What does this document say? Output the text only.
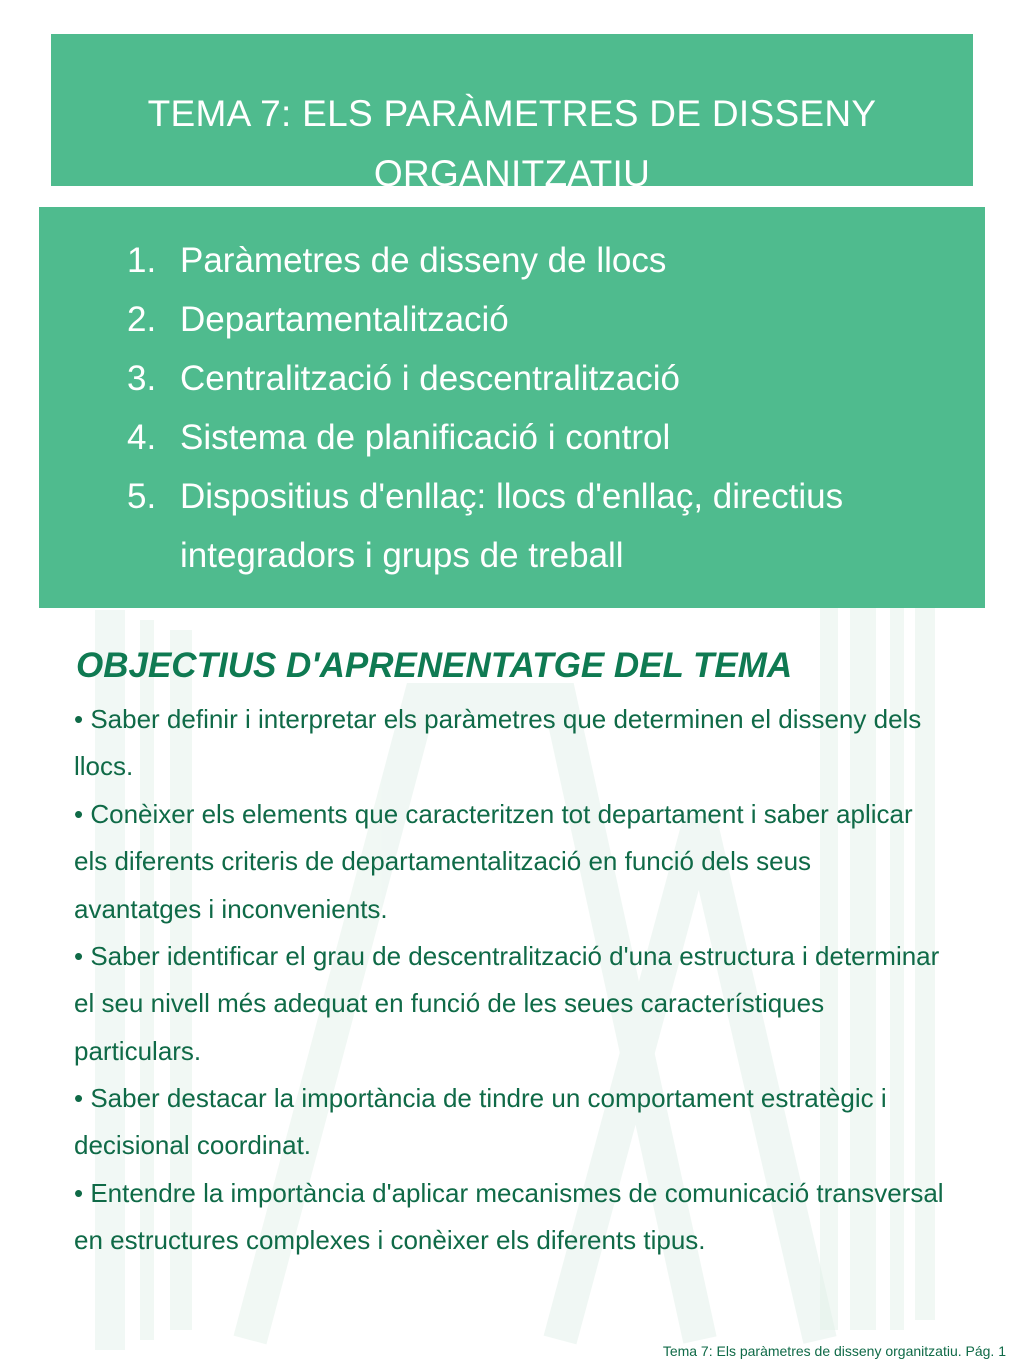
TEMA 7: ELS PARÀMETRES DE DISSENY
ORGANITZATIU
1. Paràmetres de disseny de llocs
2. Departamentalització
3. Centralització i descentralització
4. Sistema de planificació i control
5. Dispositius d'enllaç: llocs d'enllaç, directius integradors i grups de treball
OBJECTIUS D'APRENENTATGE DEL TEMA
• Saber definir i interpretar els paràmetres que determinen el disseny dels llocs.
• Conèixer els elements que caracteritzen tot departament i saber aplicar els diferents criteris de departamentalització en funció dels seus avantatges i inconvenients.
• Saber identificar el grau de descentralització d'una estructura i determinar el seu nivell més adequat en funció de les seues característiques particulars.
• Saber destacar la importància de tindre un comportament estratègic i decisional coordinat.
• Entendre la importància d'aplicar mecanismes de comunicació transversal en estructures complexes i conèixer els diferents tipus.
Tema 7: Els paràmetres de disseny organitzatiu. Pág. 1
